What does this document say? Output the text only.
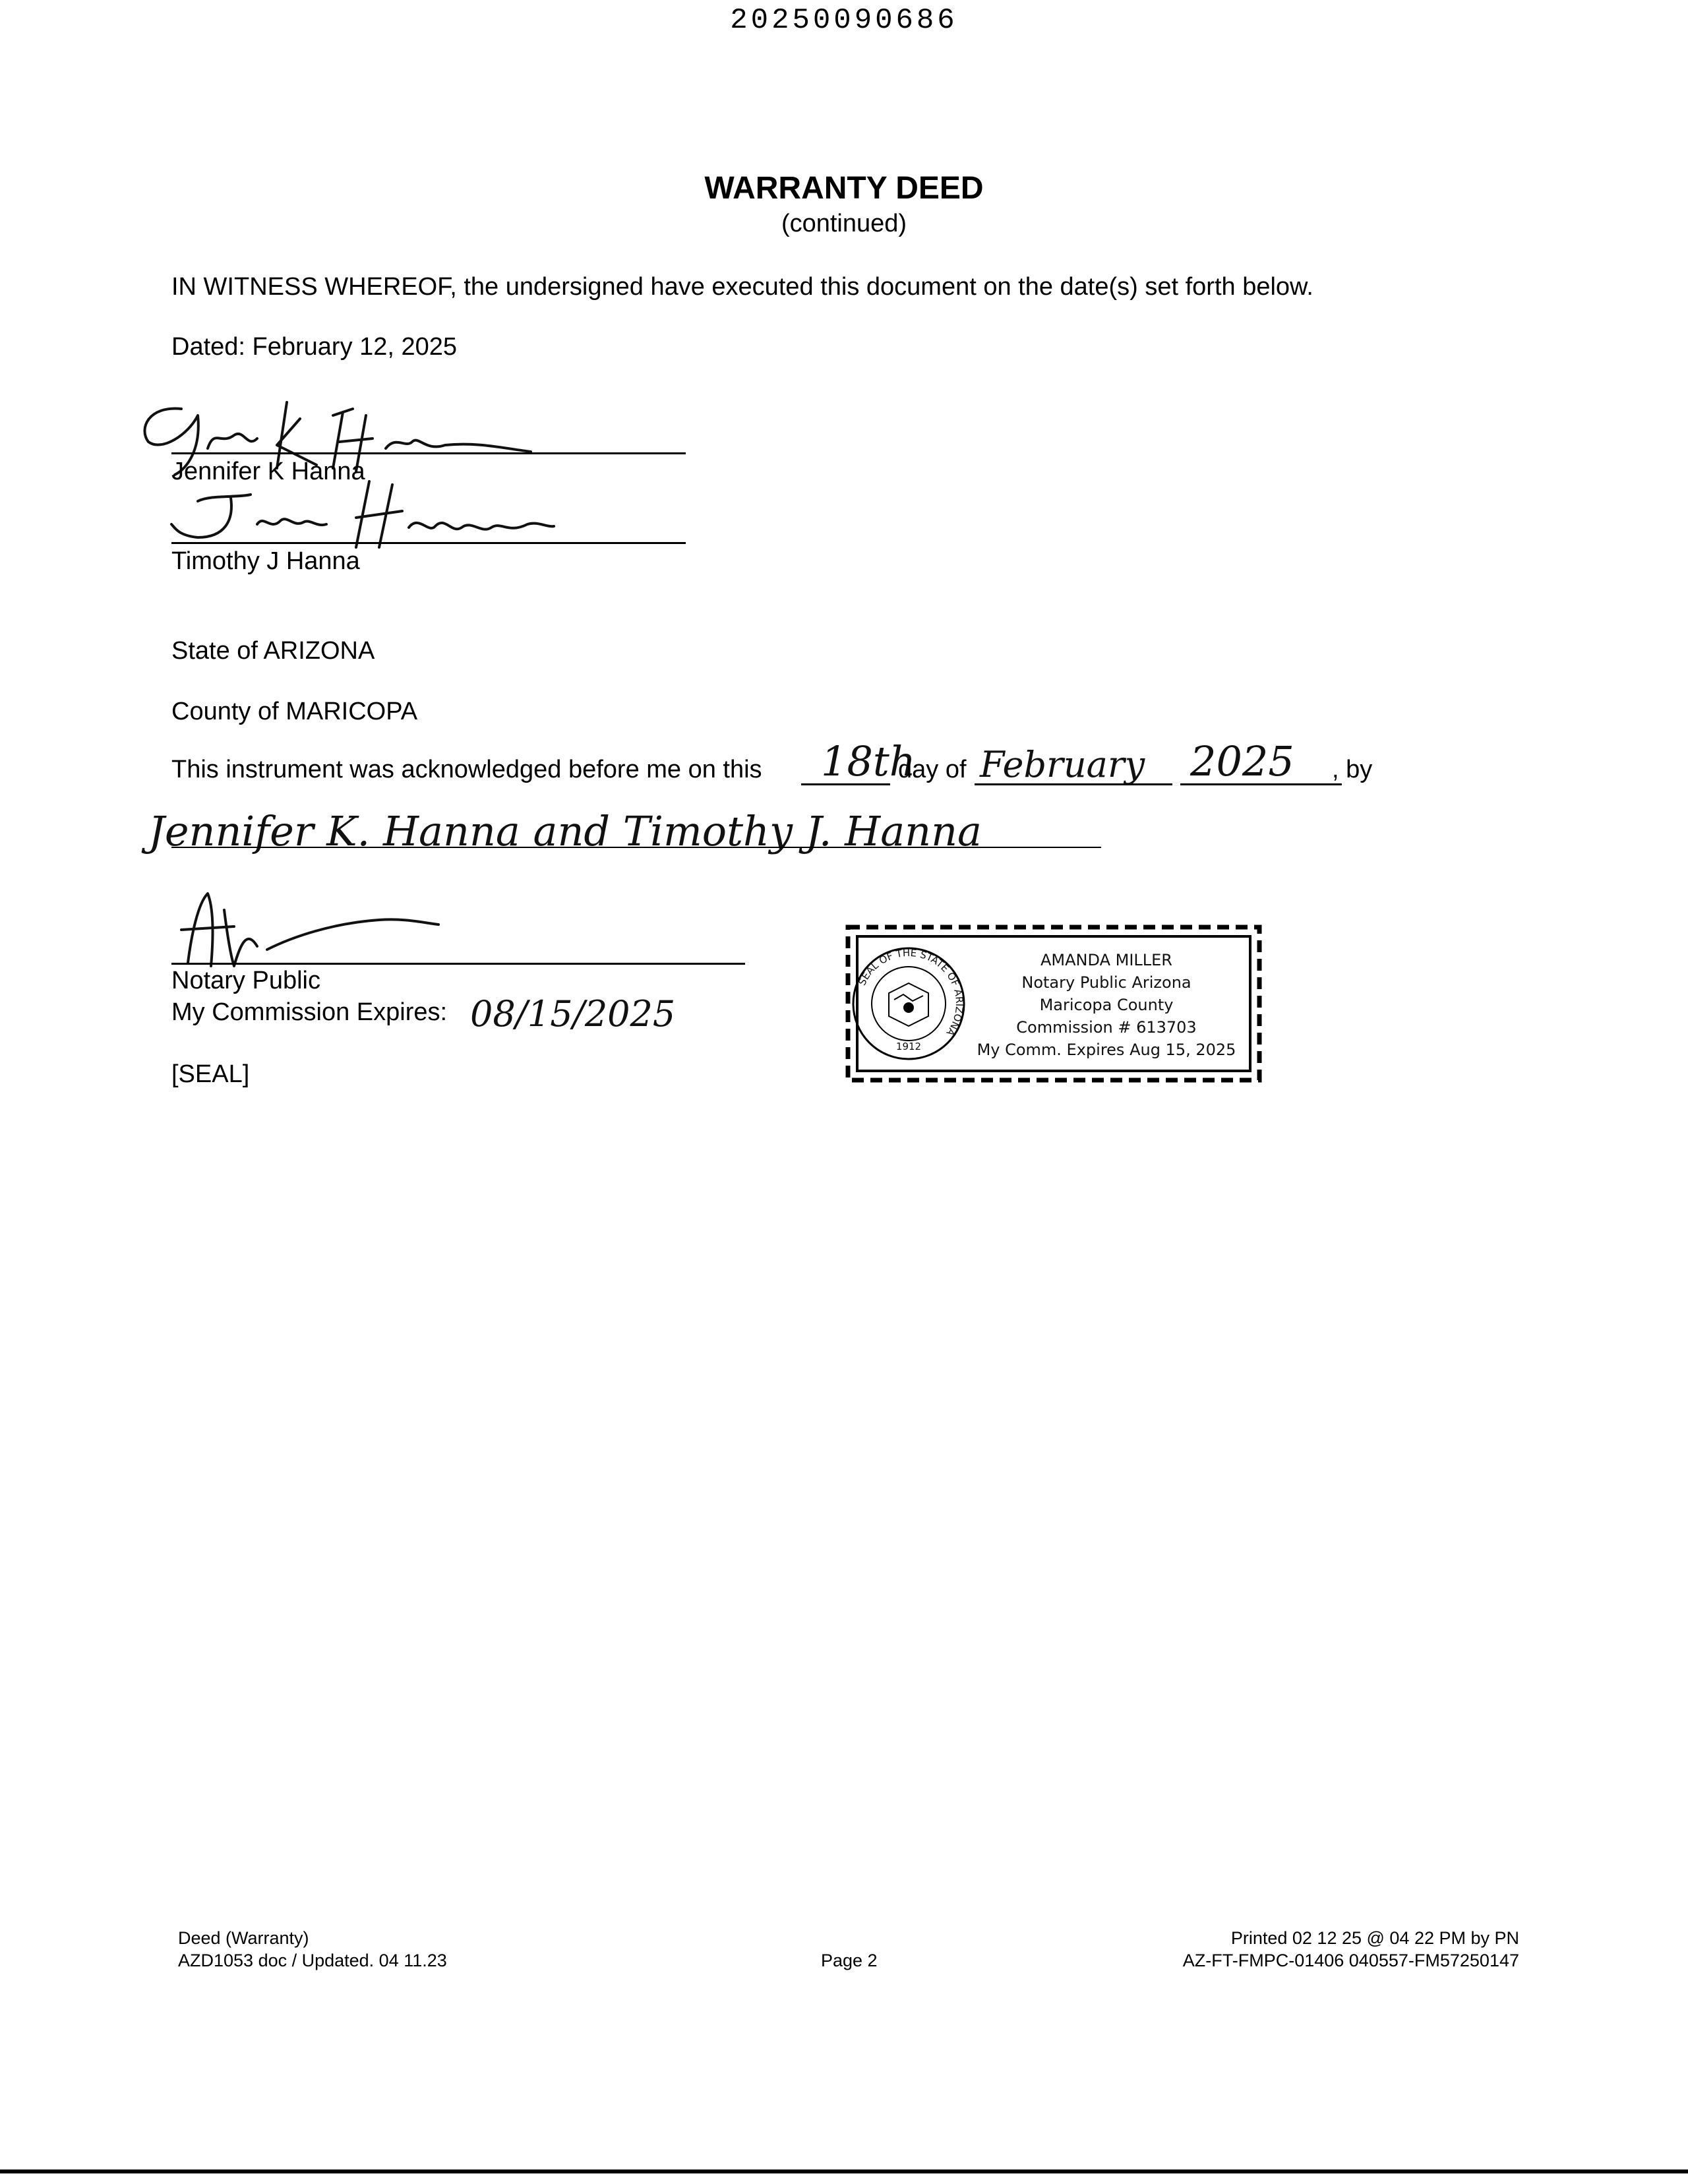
20250090686
WARRANTY DEED
(continued)
IN WITNESS WHEREOF, the undersigned have executed this document on the date(s) set forth below.
Dated: February 12, 2025
Jennifer K Hanna
Timothy J Hanna
State of ARIZONA
County of MARICOPA
This instrument was acknowledged before me on this 18th
day of February 2025 , by
Jennifer K. Hanna and Timothy J. Hanna
Notary Public
My Commission Expires: 08/15/2025
[SEAL]
SEAL OF THE STATE OF ARIZONA
1912
AMANDA MILLER
Notary Public Arizona
Maricopa County
Commission # 613703
My Comm. Expires Aug 15, 2025
Deed (Warranty)
AZD1053 doc / Updated. 04 11.23	Page 2
Printed 02 12 25 @ 04 22 PM by PN
AZ-FT-FMPC-01406 040557-FM57250147
